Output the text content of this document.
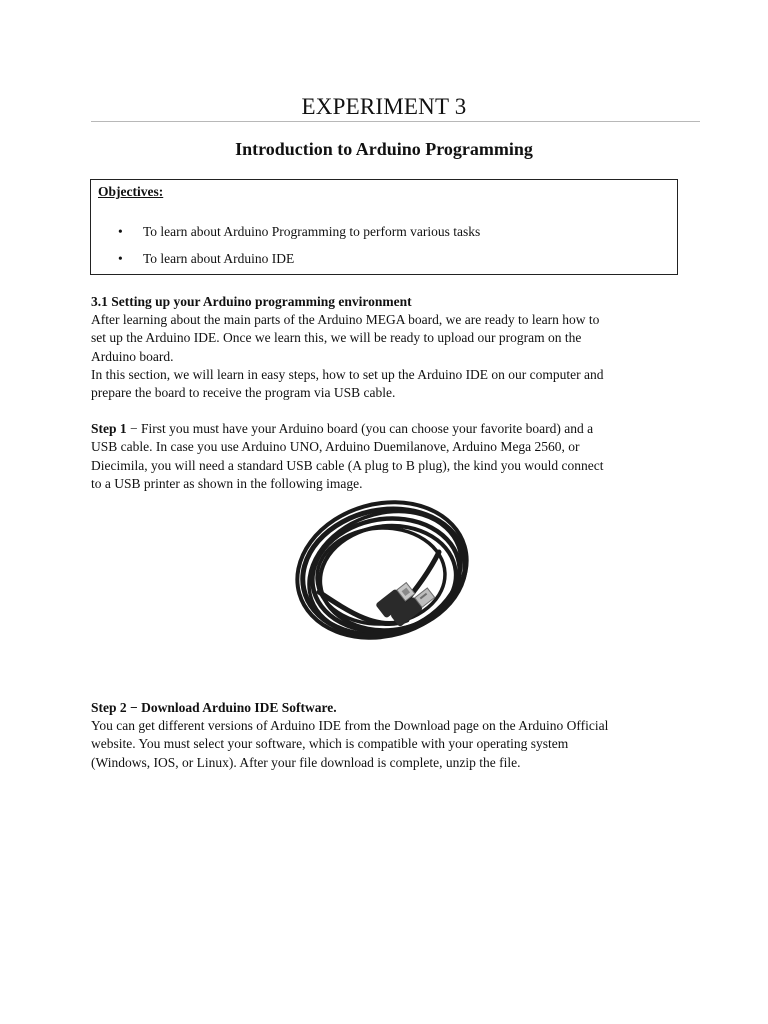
EXPERIMENT 3
Introduction to Arduino Programming
Objectives:
• To learn about Arduino Programming to perform various tasks
• To learn about Arduino IDE

3.1 Setting up your Arduino programming environment

After learning about the main parts of the Arduino MEGA board, we are ready to learn how to

set up the Arduino IDE. Once we learn this, we will be ready to upload our program on the

Arduino board.

In this section, we will learn in easy steps, how to set up the Arduino IDE on our computer and

prepare the board to receive the program via USB cable.

Step 1 − First you must have your Arduino board (you can choose your favorite board) and a

USB cable. In case you use Arduino UNO, Arduino Duemilanove, Arduino Mega 2560, or

Diecimila, you will need a standard USB cable (A plug to B plug), the kind you would connect

to a USB printer as shown in the following image.

Step 2 − Download Arduino IDE Software.

You can get different versions of Arduino IDE from the Download page on the Arduino Official

website. You must select your software, which is compatible with your operating system

(Windows, IOS, or Linux). After your file download is complete, unzip the file.
